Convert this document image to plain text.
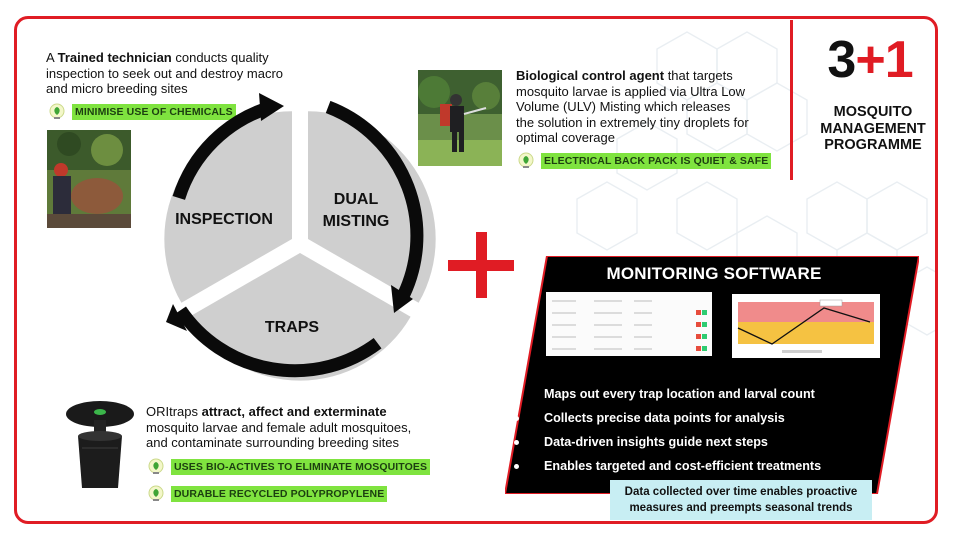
3+1
MOSQUITO MANAGEMENT PROGRAMME
A Trained technician conducts quality inspection to seek out and destroy macro and micro breeding sites
MINIMISE USE OF CHEMICALS
INSPECTION
DUAL
MISTING
TRAPS
Biological control agent that targets mosquito larvae is applied via Ultra Low Volume (ULV) Misting which releases the solution in extremely tiny droplets for optimal coverage
ELECTRICAL BACK PACK IS QUIET & SAFE
ORItraps attract, affect and exterminate mosquito larvae and female adult mosquitoes, and contaminate surrounding breeding sites
USES BIO-ACTIVES TO ELIMINATE MOSQUITOES
DURABLE RECYCLED POLYPROPYLENE
MONITORING SOFTWARE
Maps out every trap location and larval count
Collects precise data points for analysis
Data-driven insights guide next steps
Enables targeted and cost-efficient treatments
Data collected over time enables proactive measures and preempts seasonal trends
